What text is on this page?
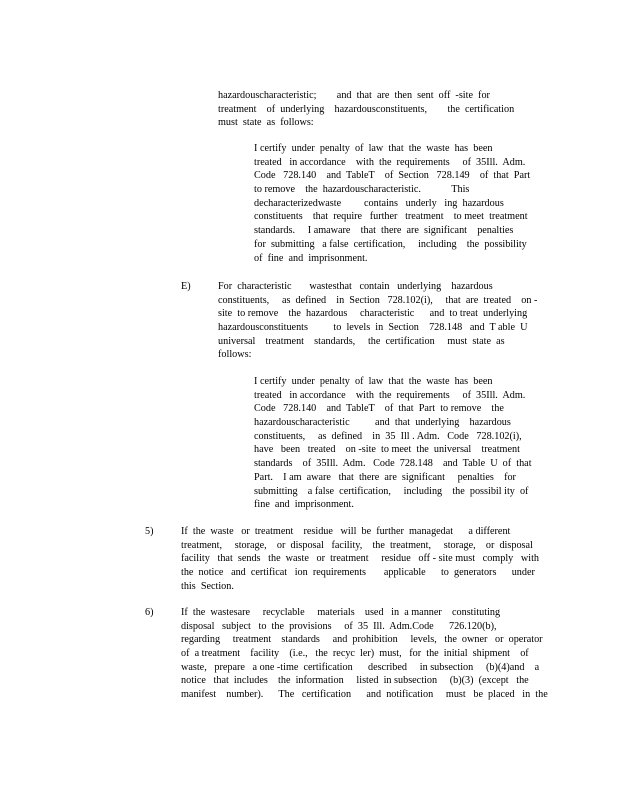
hazardouscharacteristic;        and  that  are  then  sent  off  -site  for
treatment    of  underlying    hazardousconstituents,        the  certification
must  state  as  follows:
I certify  under  penalty  of  law  that  the  waste  has  been
treated   in accordance    with  the  requirements     of  35Ill.  Adm.
Code   728.140    and  TableT    of  Section   728.149    of  that  Part
to remove    the  hazardouscharacteristic.            This
decharacterizedwaste         contains   underly   ing  hazardous
constituents    that  require   further   treatment    to meet  treatment
standards.     I amaware    that  there  are  significant    penalties
for  submitting   a false  certification,     including    the  possibility
of  fine  and  imprisonment.
E)	For  characteristic       wastesthat   contain   underlying    hazardous
constituents,     as  defined    in  Section   728.102(i),     that  are  treated    on -
site  to remove    the  hazardous     characteristic      and  to treat  underlying
hazardousconstituents          to  levels  in  Section    728.148   and  T able  U
universal    treatment    standards,     the  certification     must  state  as
follows:
I certify  under  penalty  of  law  that  the  waste  has  been
treated   in accordance    with  the  requirements     of  35Ill.  Adm.
Code   728.140    and  TableT    of  that  Part  to remove    the
hazardouscharacteristic          and  that  underlying    hazardous
constituents,     as  defined    in  35  Ill . Adm.   Code   728.102(i),
have   been   treated    on -site  to meet  the  universal    treatment
standards    of  35Ill.  Adm.   Code  728.148    and  Table  U  of  that
Part.    I am  aware   that  there  are  significant     penalties    for
submitting    a false  certification,     including    the  possibil ity  of
fine  and  imprisonment.
5)	If  the  waste   or  treatment    residue   will  be  further  managedat      a different
treatment,     storage,    or  disposal   facility,    the  treatment,     storage,    or  disposal
facility   that  sends   the  waste   or  treatment     residue   off - site must   comply   with
the  notice   and  certificat   ion  requirements       applicable      to  generators      under
this  Section.
6)	If  the  wastesare     recyclable     materials    used   in  a manner    constituting
disposal   subject   to  the  provisions     of  35  Ill.  Adm.Code      726.120(b),
regarding     treatment    standards     and  prohibition     levels,   the  owner   or  operator
of  a treatment    facility    (i.e.,   the  recyc  ler)  must,   for  the  initial  shipment    of
waste,   prepare   a one -time  certification      described     in subsection     (b)(4)and    a
notice   that  includes    the  information     listed  in subsection     (b)(3)  (except   the
manifest    number).      The   certification      and  notification     must   be  placed   in  the
